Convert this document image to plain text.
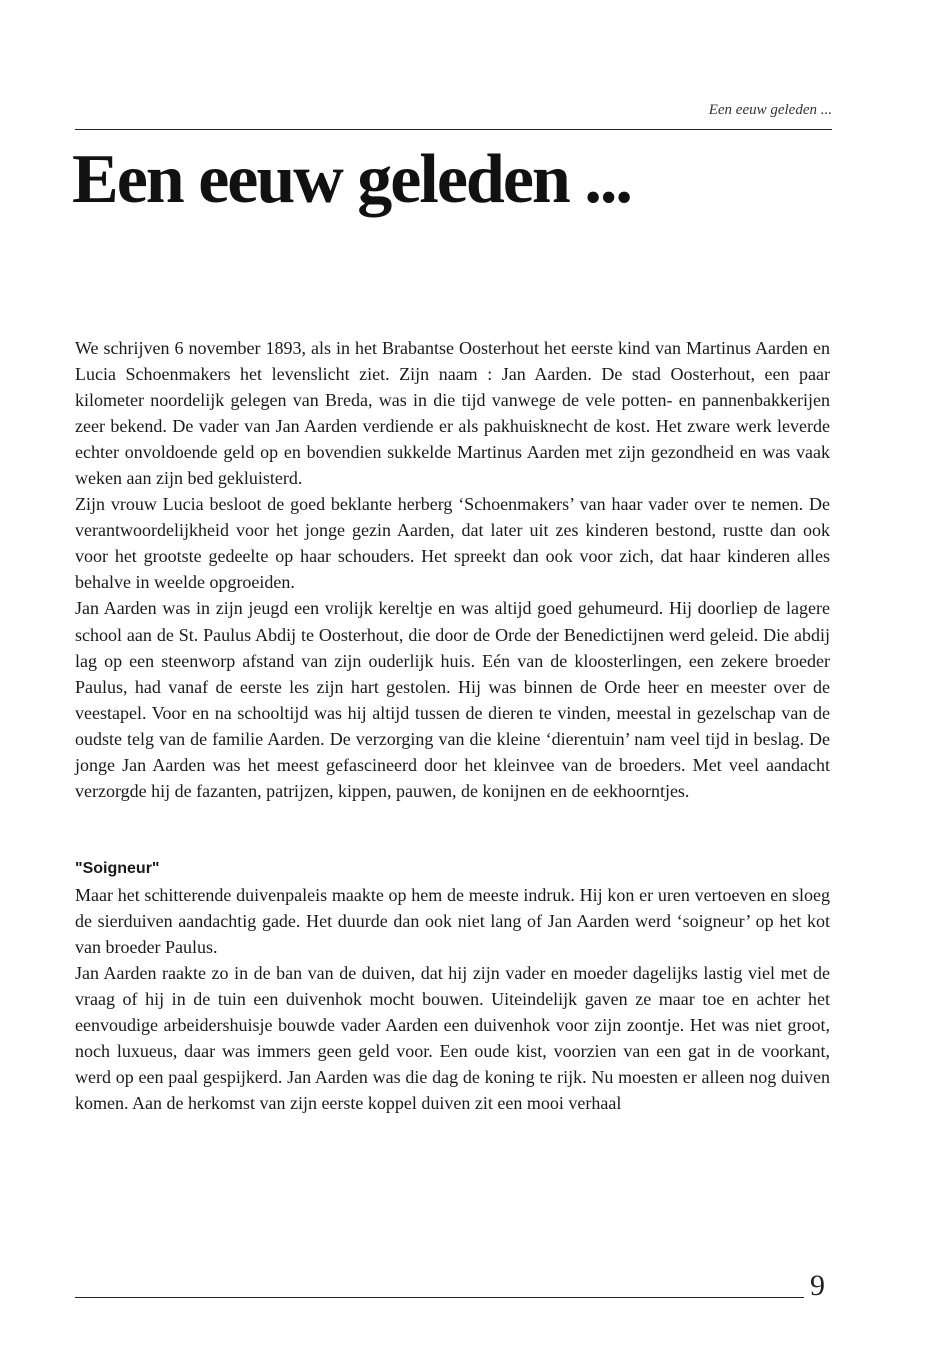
Een eeuw geleden ...
Een eeuw geleden ...

We schrijven 6 november 1893, als in het Brabantse Oosterhout het eerste kind van Martinus Aarden en Lucia Schoenmakers het levenslicht ziet. Zijn naam : Jan Aarden. De stad Oosterhout, een paar kilometer noordelijk gelegen van Breda, was in die tijd vanwege de vele potten- en pannenbakkerijen zeer bekend. De vader van Jan Aarden verdiende er als pakhuisknecht de kost. Het zware werk leverde echter onvoldoende geld op en bovendien sukkelde Martinus Aarden met zijn gezondheid en was vaak weken aan zijn bed gekluisterd.

Zijn vrouw Lucia besloot de goed beklante herberg ‘Schoenmakers’ van haar vader over te nemen. De verantwoordelijkheid voor het jonge gezin Aarden, dat later uit zes kinderen bestond, rustte dan ook voor het grootste gedeelte op haar schouders. Het spreekt dan ook voor zich, dat haar kinderen alles behalve in weelde opgroeiden.

Jan Aarden was in zijn jeugd een vrolijk kereltje en was altijd goed gehumeurd. Hij doorliep de lagere school aan de St. Paulus Abdij te Oosterhout, die door de Orde der Benedictijnen werd geleid. Die abdij lag op een steenworp afstand van zijn ouderlijk huis. Eén van de kloosterlingen, een zekere broeder Paulus, had vanaf de eerste les zijn hart gestolen. Hij was binnen de Orde heer en meester over de veestapel. Voor en na schooltijd was hij altijd tussen de dieren te vinden, meestal in gezelschap van de oudste telg van de familie Aarden. De verzorging van die kleine ‘dierentuin’ nam veel tijd in beslag. De jonge Jan Aarden was het meest gefascineerd door het kleinvee van de broeders. Met veel aandacht verzorgde hij de fazanten, patrijzen, kippen, pauwen, de konijnen en de eekhoorntjes.

"Soigneur"

Maar het schitterende duivenpaleis maakte op hem de meeste indruk. Hij kon er uren vertoeven en sloeg de sierduiven aandachtig gade. Het duurde dan ook niet lang of Jan Aarden werd ‘soigneur’ op het kot van broeder Paulus.

Jan Aarden raakte zo in de ban van de duiven, dat hij zijn vader en moeder dagelijks lastig viel met de vraag of hij in de tuin een duivenhok mocht bouwen. Uiteindelijk gaven ze maar toe en achter het eenvoudige arbeidershuisje bouwde vader Aarden een duivenhok voor zijn zoontje. Het was niet groot, noch luxueus, daar was immers geen geld voor. Een oude kist, voorzien van een gat in de voorkant, werd op een paal gespijkerd. Jan Aarden was die dag de koning te rijk. Nu moesten er alleen nog duiven komen. Aan de herkomst van zijn eerste koppel duiven zit een mooi verhaal

9
